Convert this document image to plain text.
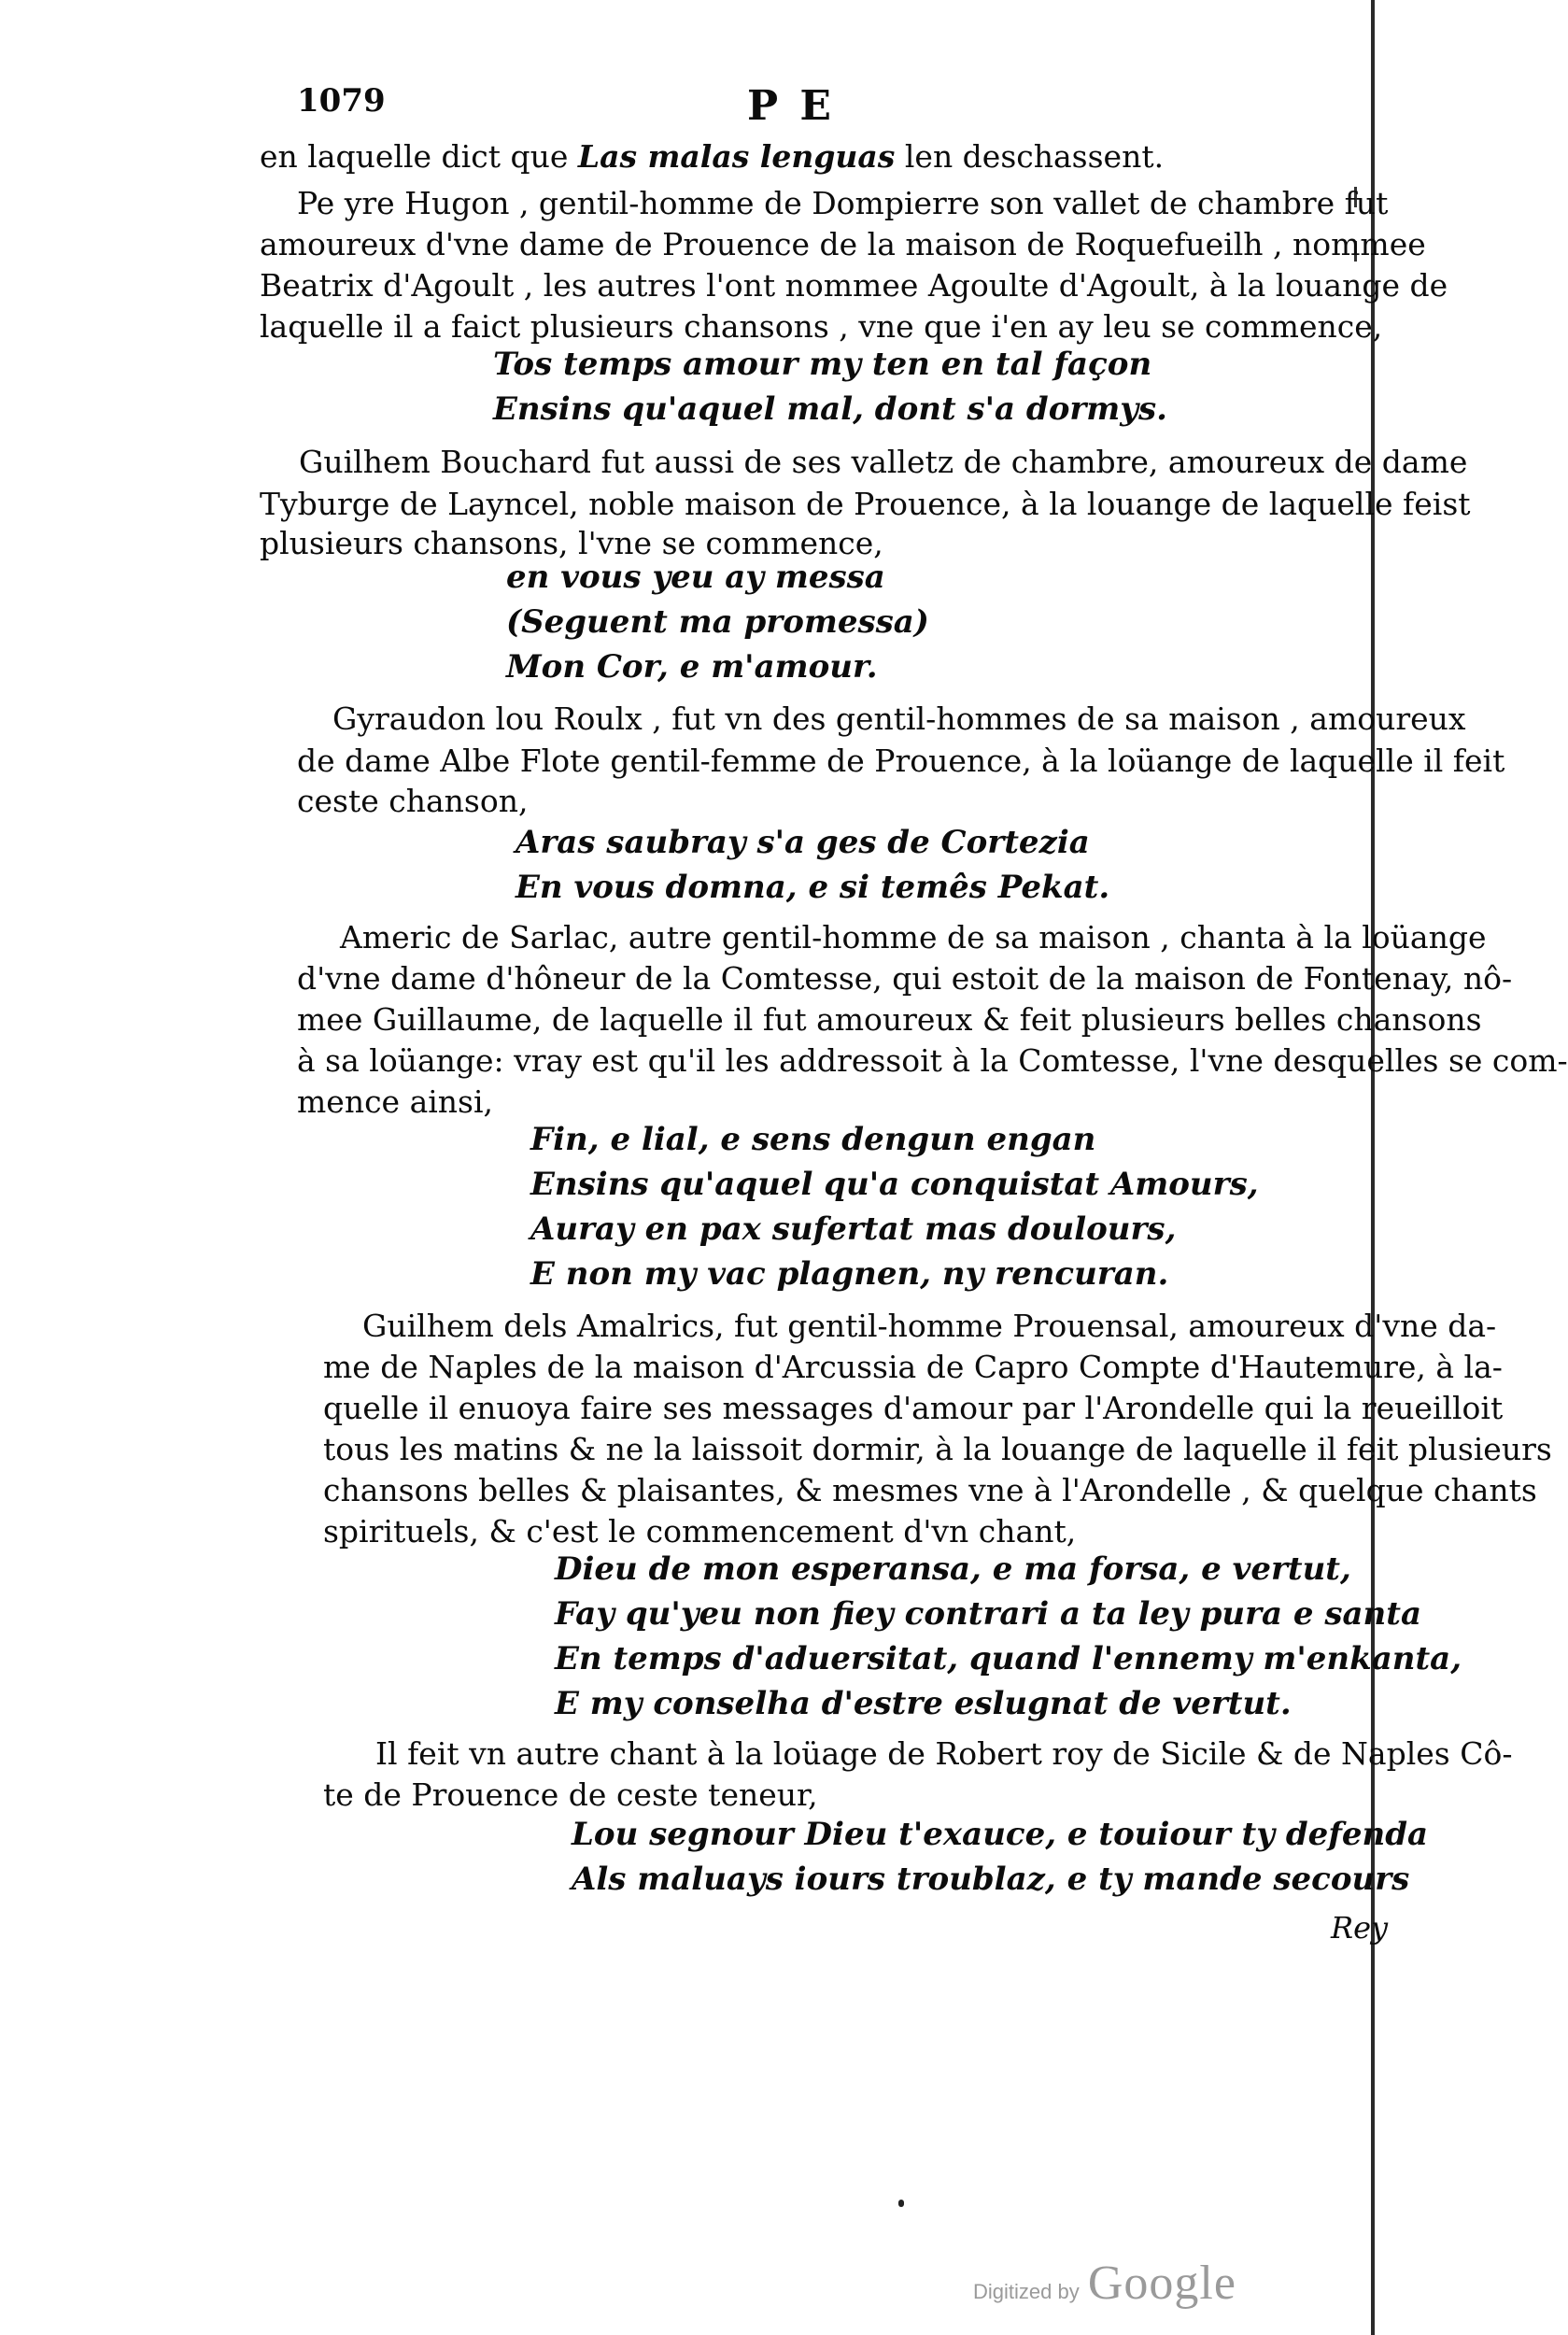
1079	P E
en laquelle dict que Las malas lenguas len deschassent.
Pe yre Hugon , gentil-homme de Dompierre son vallet de chambre fut
amoureux d'vne dame de Prouence de la maison de Roquefueilh , nommee
Beatrix d'Agoult , les autres l'ont nommee Agoulte d'Agoult, à la louange de
laquelle il a faict plusieurs chansons , vne que i'en ay leu se commence,
Tos temps amour my ten en tal façon
Ensins qu'aquel mal, dont s'a dormys.
Guilhem Bouchard fut aussi de ses valletz de chambre, amoureux de dame
Tyburge de Layncel, noble maison de Prouence, à la louange de laquelle feist
plusieurs chansons, l'vne se commence,
en vous yeu ay messa
(Seguent ma promessa)
Mon Cor, e m'amour.
Gyraudon lou Roulx , fut vn des gentil-hommes de sa maison , amoureux
de dame Albe Flote gentil-femme de Prouence, à la loüange de laquelle il feit
ceste chanson,
Aras saubray s'a ges de Cortezia
En vous domna, e si temês Pekat.
Americ de Sarlac, autre gentil-homme de sa maison , chanta à la loüange
d'vne dame d'hôneur de la Comtesse, qui estoit de la maison de Fontenay, nô-
mee Guillaume, de laquelle il fut amoureux & feit plusieurs belles chansons
à sa loüange: vray est qu'il les addressoit à la Comtesse, l'vne desquelles se com-
mence ainsi,
Fin, e lial, e sens dengun engan
Ensins qu'aquel qu'a conquistat Amours,
Auray en pax sufertat mas doulours,
E non my vac plagnen, ny rencuran.
Guilhem dels Amalrics, fut gentil-homme Prouensal, amoureux d'vne da-
me de Naples de la maison d'Arcussia de Capro Compte d'Hautemure, à la-
quelle il enuoya faire ses messages d'amour par l'Arondelle qui la reueilloit
tous les matins & ne la laissoit dormir, à la louange de laquelle il feit plusieurs
chansons belles & plaisantes, & mesmes vne à l'Arondelle , & quelque chants
spirituels, & c'est le commencement d'vn chant,
Dieu de mon esperansa, e ma forsa, e vertut,
Fay qu'yeu non fiey contrari a ta ley pura e santa
En temps d'aduersitat, quand l'ennemy m'enkanta,
E my conselha d'estre eslugnat de vertut.
Il feit vn autre chant à la loüage de Robert roy de Sicile & de Naples Cô-
te de Prouence de ceste teneur,
Lou segnour Dieu t'exauce, e touiour ty defenda
Als maluays iours troublaz, e ty mande secours
Rey
Digitized by Google
